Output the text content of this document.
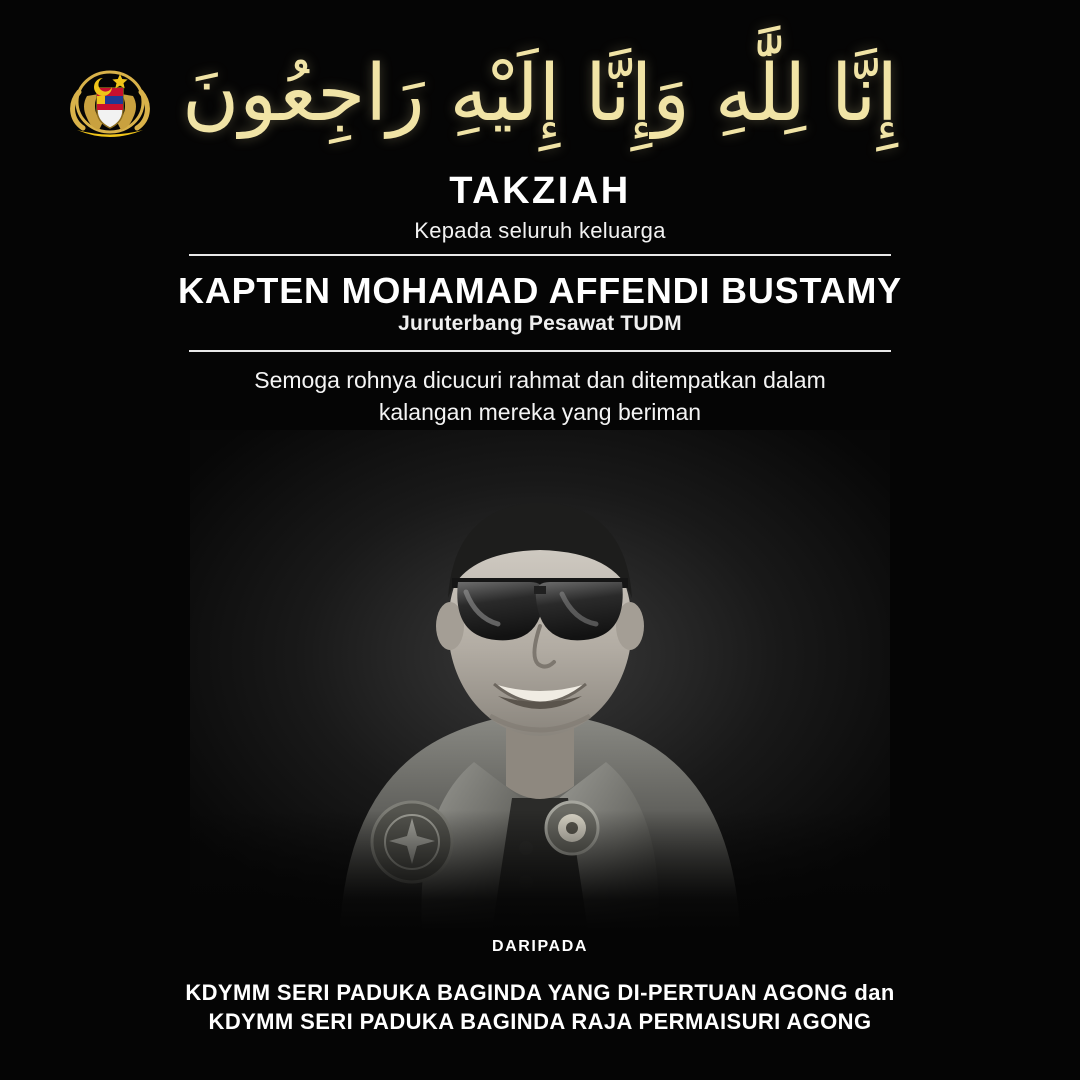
إِنَّا لِلَّٰهِ وَإِنَّا إِلَيْهِ رَاجِعُونَ
TAKZIAH
Kepada seluruh keluarga
KAPTEN MOHAMAD AFFENDI BUSTAMY
Juruterbang Pesawat TUDM
Semoga rohnya dicucuri rahmat dan ditempatkan dalam
kalangan mereka yang beriman
DARIPADA
KDYMM SERI PADUKA BAGINDA YANG DI-PERTUAN AGONG dan
KDYMM SERI PADUKA BAGINDA RAJA PERMAISURI AGONG
